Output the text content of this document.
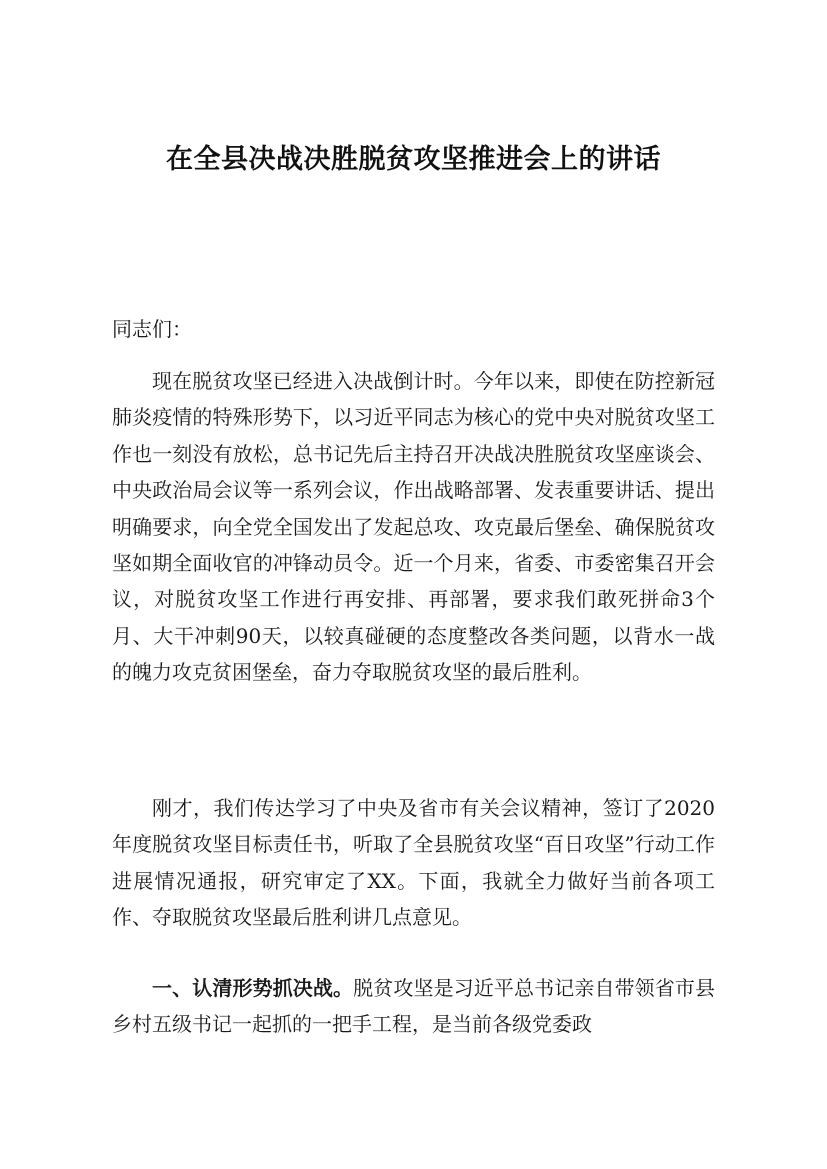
在全县决战决胜脱贫攻坚推进会上的讲话
同志们：

现在脱贫攻坚已经进入决战倒计时。今年以来，即使在防控新冠肺炎疫情的特殊形势下，以习近平同志为核心的党中央对脱贫攻坚工作也一刻没有放松，总书记先后主持召开决战决胜脱贫攻坚座谈会、中央政治局会议等一系列会议，作出战略部署、发表重要讲话、提出明确要求，向全党全国发出了发起总攻、攻克最后堡垒、确保脱贫攻坚如期全面收官的冲锋动员令。近一个月来，省委、市委密集召开会议，对脱贫攻坚工作进行再安排、再部署，要求我们敢死拼命3个月、大干冲刺90天，以较真碰硬的态度整改各类问题，以背水一战的魄力攻克贫困堡垒，奋力夺取脱贫攻坚的最后胜利。

刚才，我们传达学习了中央及省市有关会议精神，签订了2020年度脱贫攻坚目标责任书，听取了全县脱贫攻坚“百日攻坚”行动工作进展情况通报，研究审定了XX。下面，我就全力做好当前各项工作、夺取脱贫攻坚最后胜利讲几点意见。

一、认清形势抓决战。脱贫攻坚是习近平总书记亲自带领省市县乡村五级书记一起抓的一把手工程，是当前各级党委政
